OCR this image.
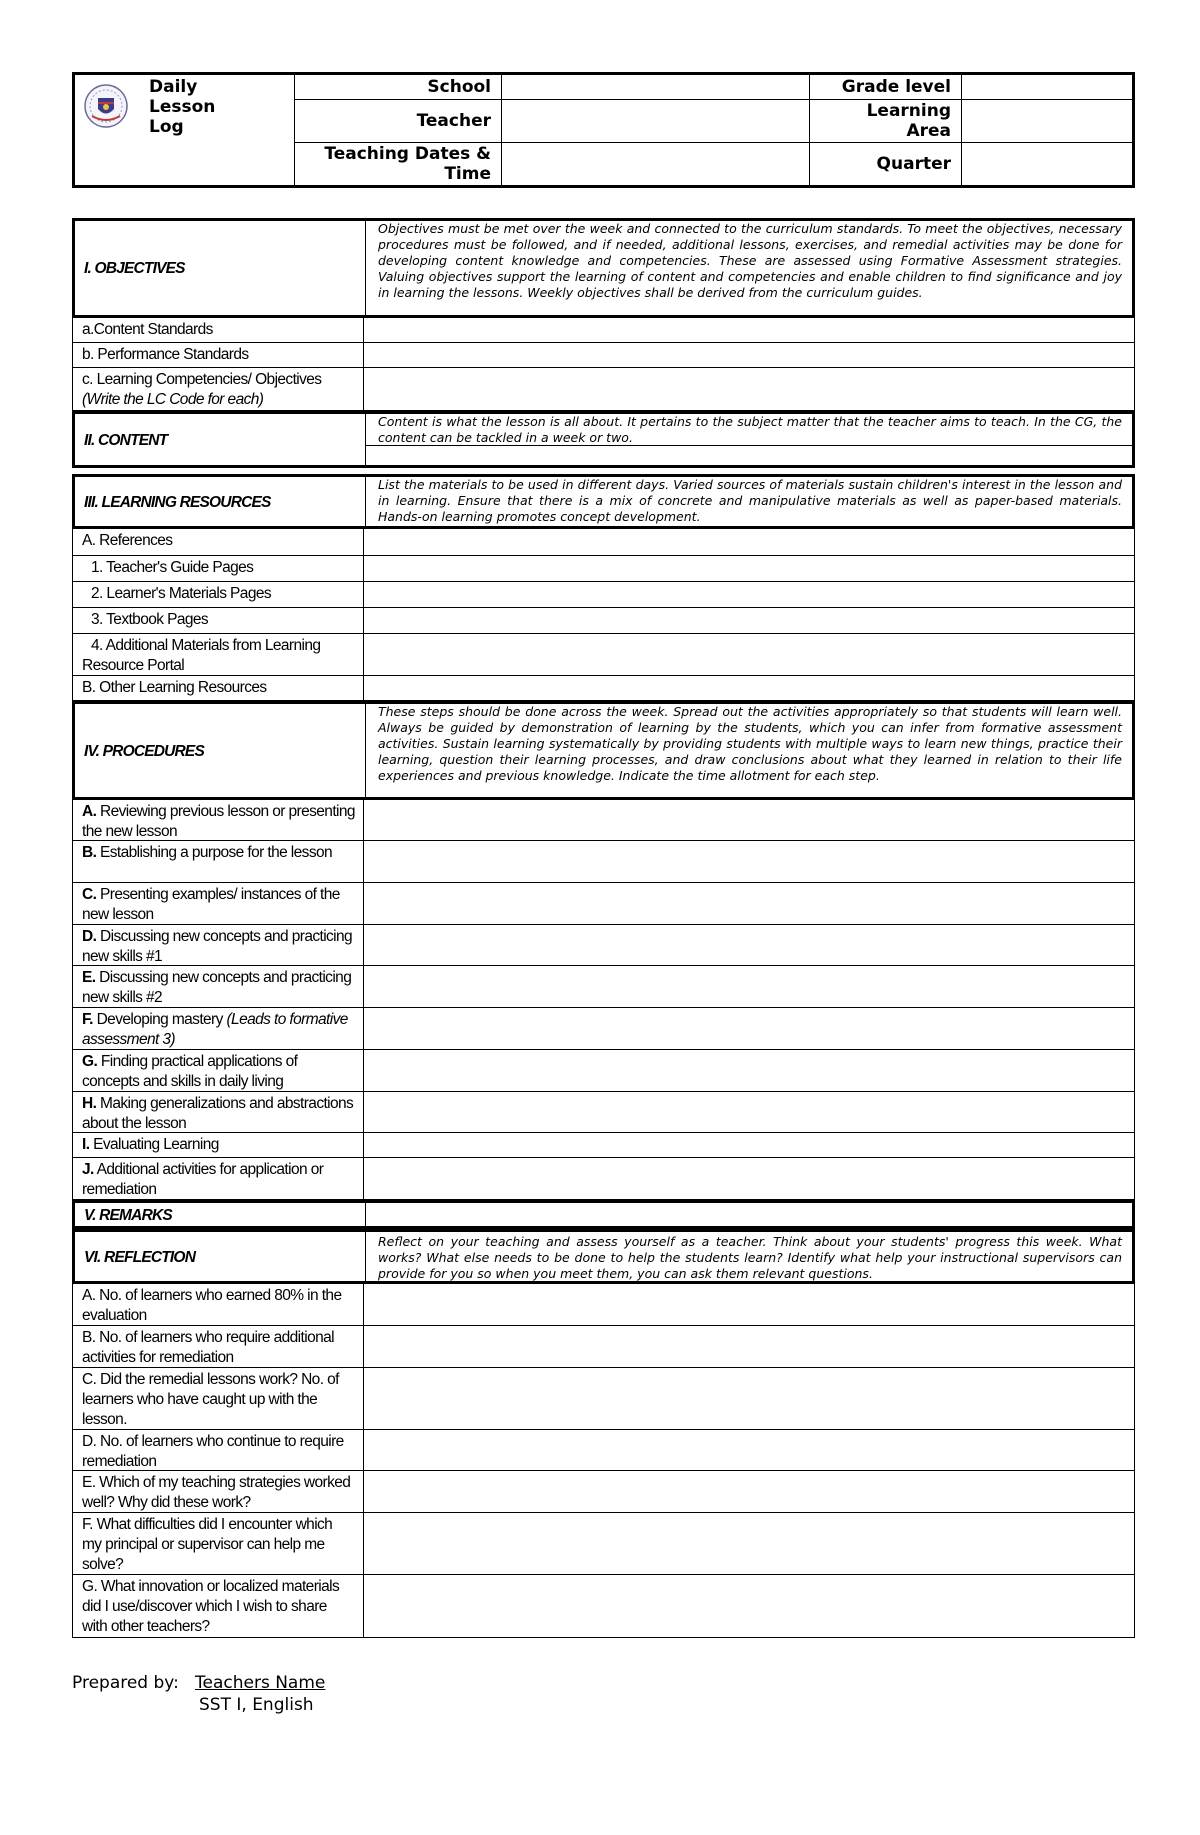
Daily
Lesson
Log
School
Teacher
Teaching Dates & Time
Grade level
Learning Area
Quarter
I. OBJECTIVES

Objectives must be met over the week and connected to the curriculum standards. To meet the objectives, necessary procedures must be followed, and if needed, additional lessons, exercises, and remedial activities may be done for developing content knowledge and competencies. These are assessed using Formative Assessment strategies. Valuing objectives support the learning of content and competencies and enable children to find significance and joy in learning the lessons. Weekly objectives shall be derived from the curriculum guides.

a.Content Standards
b. Performance Standards
c. Learning Competencies/ Objectives
(Write the LC Code for each)
II. CONTENT

Content is what the lesson is all about. It pertains to the subject matter that the teacher aims to teach. In the CG, the content can be tackled in a week or two.

III. LEARNING RESOURCES

List the materials to be used in different days. Varied sources of materials sustain children's interest in the lesson and in learning. Ensure that there is a mix of concrete and manipulative materials as well as paper-based materials. Hands-on learning promotes concept development.

A. References
1. Teacher's Guide Pages
2. Learner's Materials Pages
3. Textbook Pages
4. Additional Materials from Learning Resource Portal
B. Other Learning Resources
IV. PROCEDURES

These steps should be done across the week. Spread out the activities appropriately so that students will learn well. Always be guided by demonstration of learning by the students, which you can infer from formative assessment activities. Sustain learning systematically by providing students with multiple ways to learn new things, practice their learning, question their learning processes, and draw conclusions about what they learned in relation to their life experiences and previous knowledge. Indicate the time allotment for each step.

A. Reviewing previous lesson or presenting the new lesson
B. Establishing a purpose for the lesson
C. Presenting examples/ instances of the new lesson
D. Discussing new concepts and practicing new skills #1
E. Discussing new concepts and practicing new skills #2
F. Developing mastery (Leads to formative assessment 3)
G. Finding practical applications of concepts and skills in daily living
H. Making generalizations and abstractions about the lesson
I. Evaluating Learning
J. Additional activities for application or remediation
V. REMARKS
VI. REFLECTION

Reflect on your teaching and assess yourself as a teacher. Think about your students' progress this week. What works? What else needs to be done to help the students learn? Identify what help your instructional supervisors can provide for you so when you meet them, you can ask them relevant questions.

A. No. of learners who earned 80% in the evaluation
B. No. of learners who require additional activities for remediation
C. Did the remedial lessons work? No. of learners who have caught up with the lesson.
D. No. of learners who continue to require remediation
E. Which of my teaching strategies worked well? Why did these work?
F. What difficulties did I encounter which my principal or supervisor can help me solve?
G. What innovation or localized materials did I use/discover which I wish to share with other teachers?
Prepared by: Teachers Name
SST I, English
